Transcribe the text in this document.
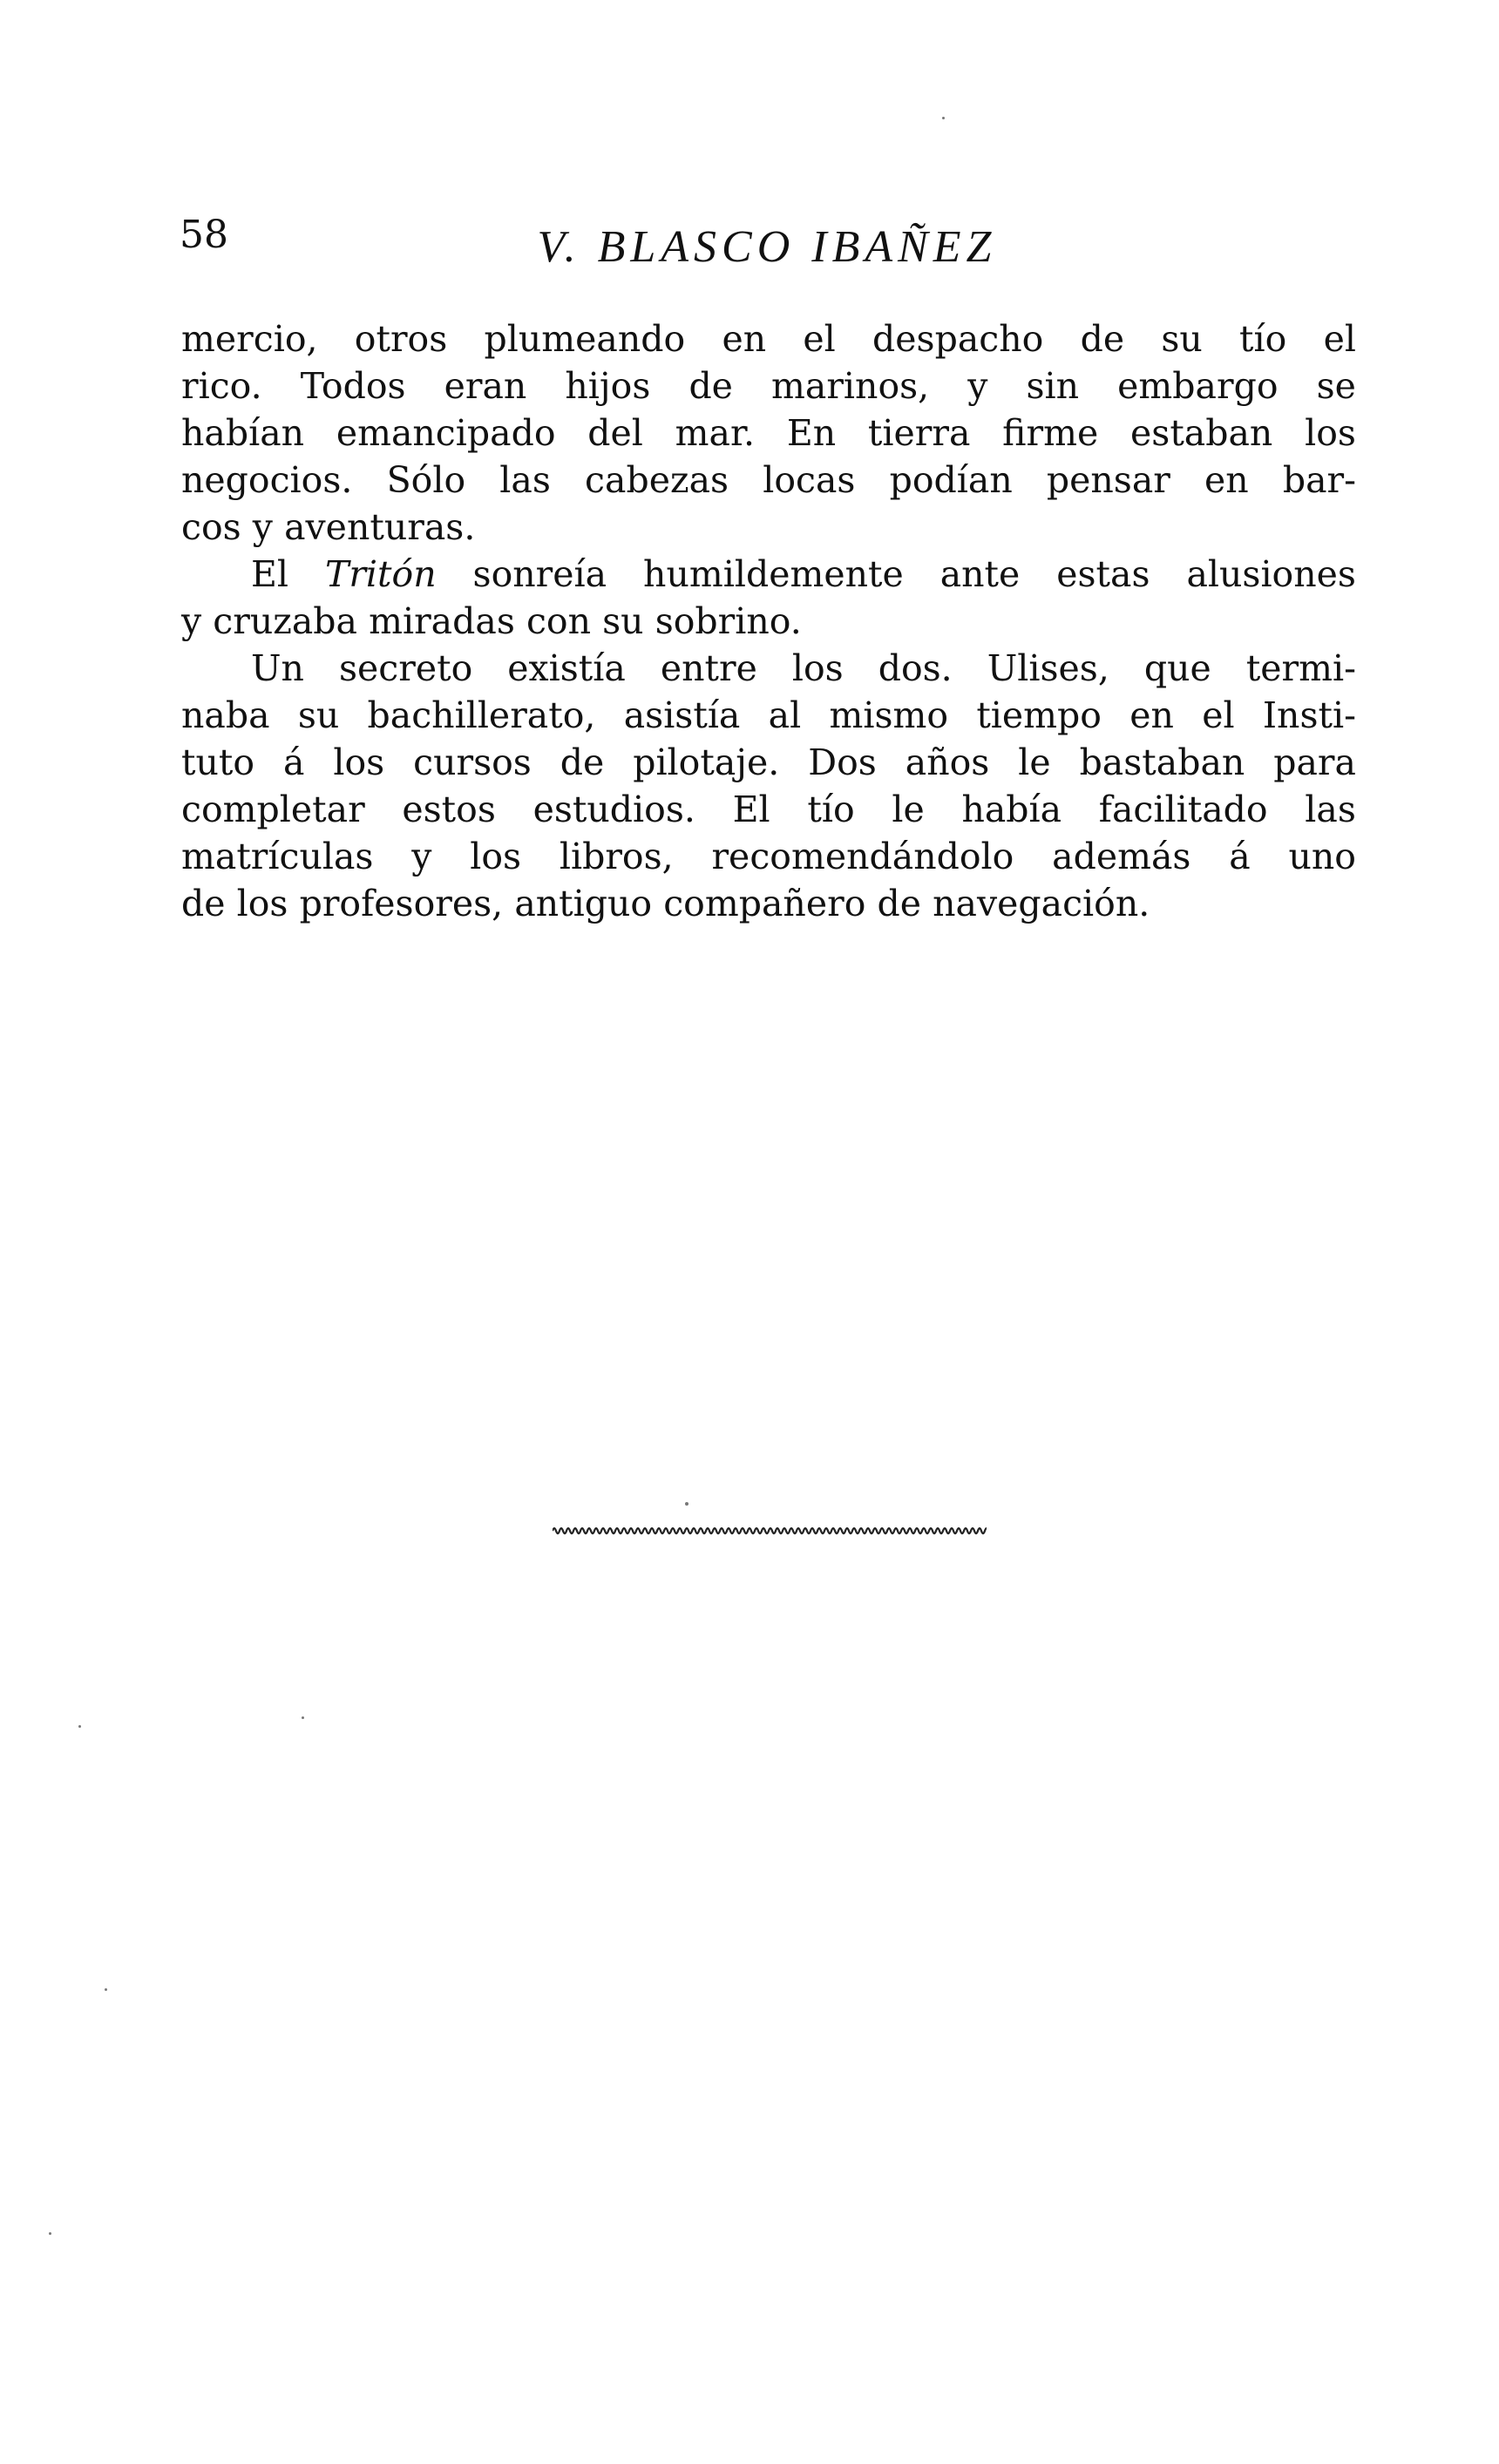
58	V. BLASCO IBAÑEZ
mercio, otros plumeando en el despacho de su tío el
rico. Todos eran hijos de marinos, y sin embargo se
habían emancipado del mar. En tierra firme estaban los
negocios. Sólo las cabezas locas podían pensar en bar-
cos y aventuras.
El Tritón sonreía humildemente ante estas alusiones
y cruzaba miradas con su sobrino.
Un secreto existía entre los dos. Ulises, que termi-
naba su bachillerato, asistía al mismo tiempo en el Insti-
tuto á los cursos de pilotaje. Dos años le bastaban para
completar estos estudios. El tío le había facilitado las
matrículas y los libros, recomendándolo además á uno
de los profesores, antiguo compañero de navegación.
